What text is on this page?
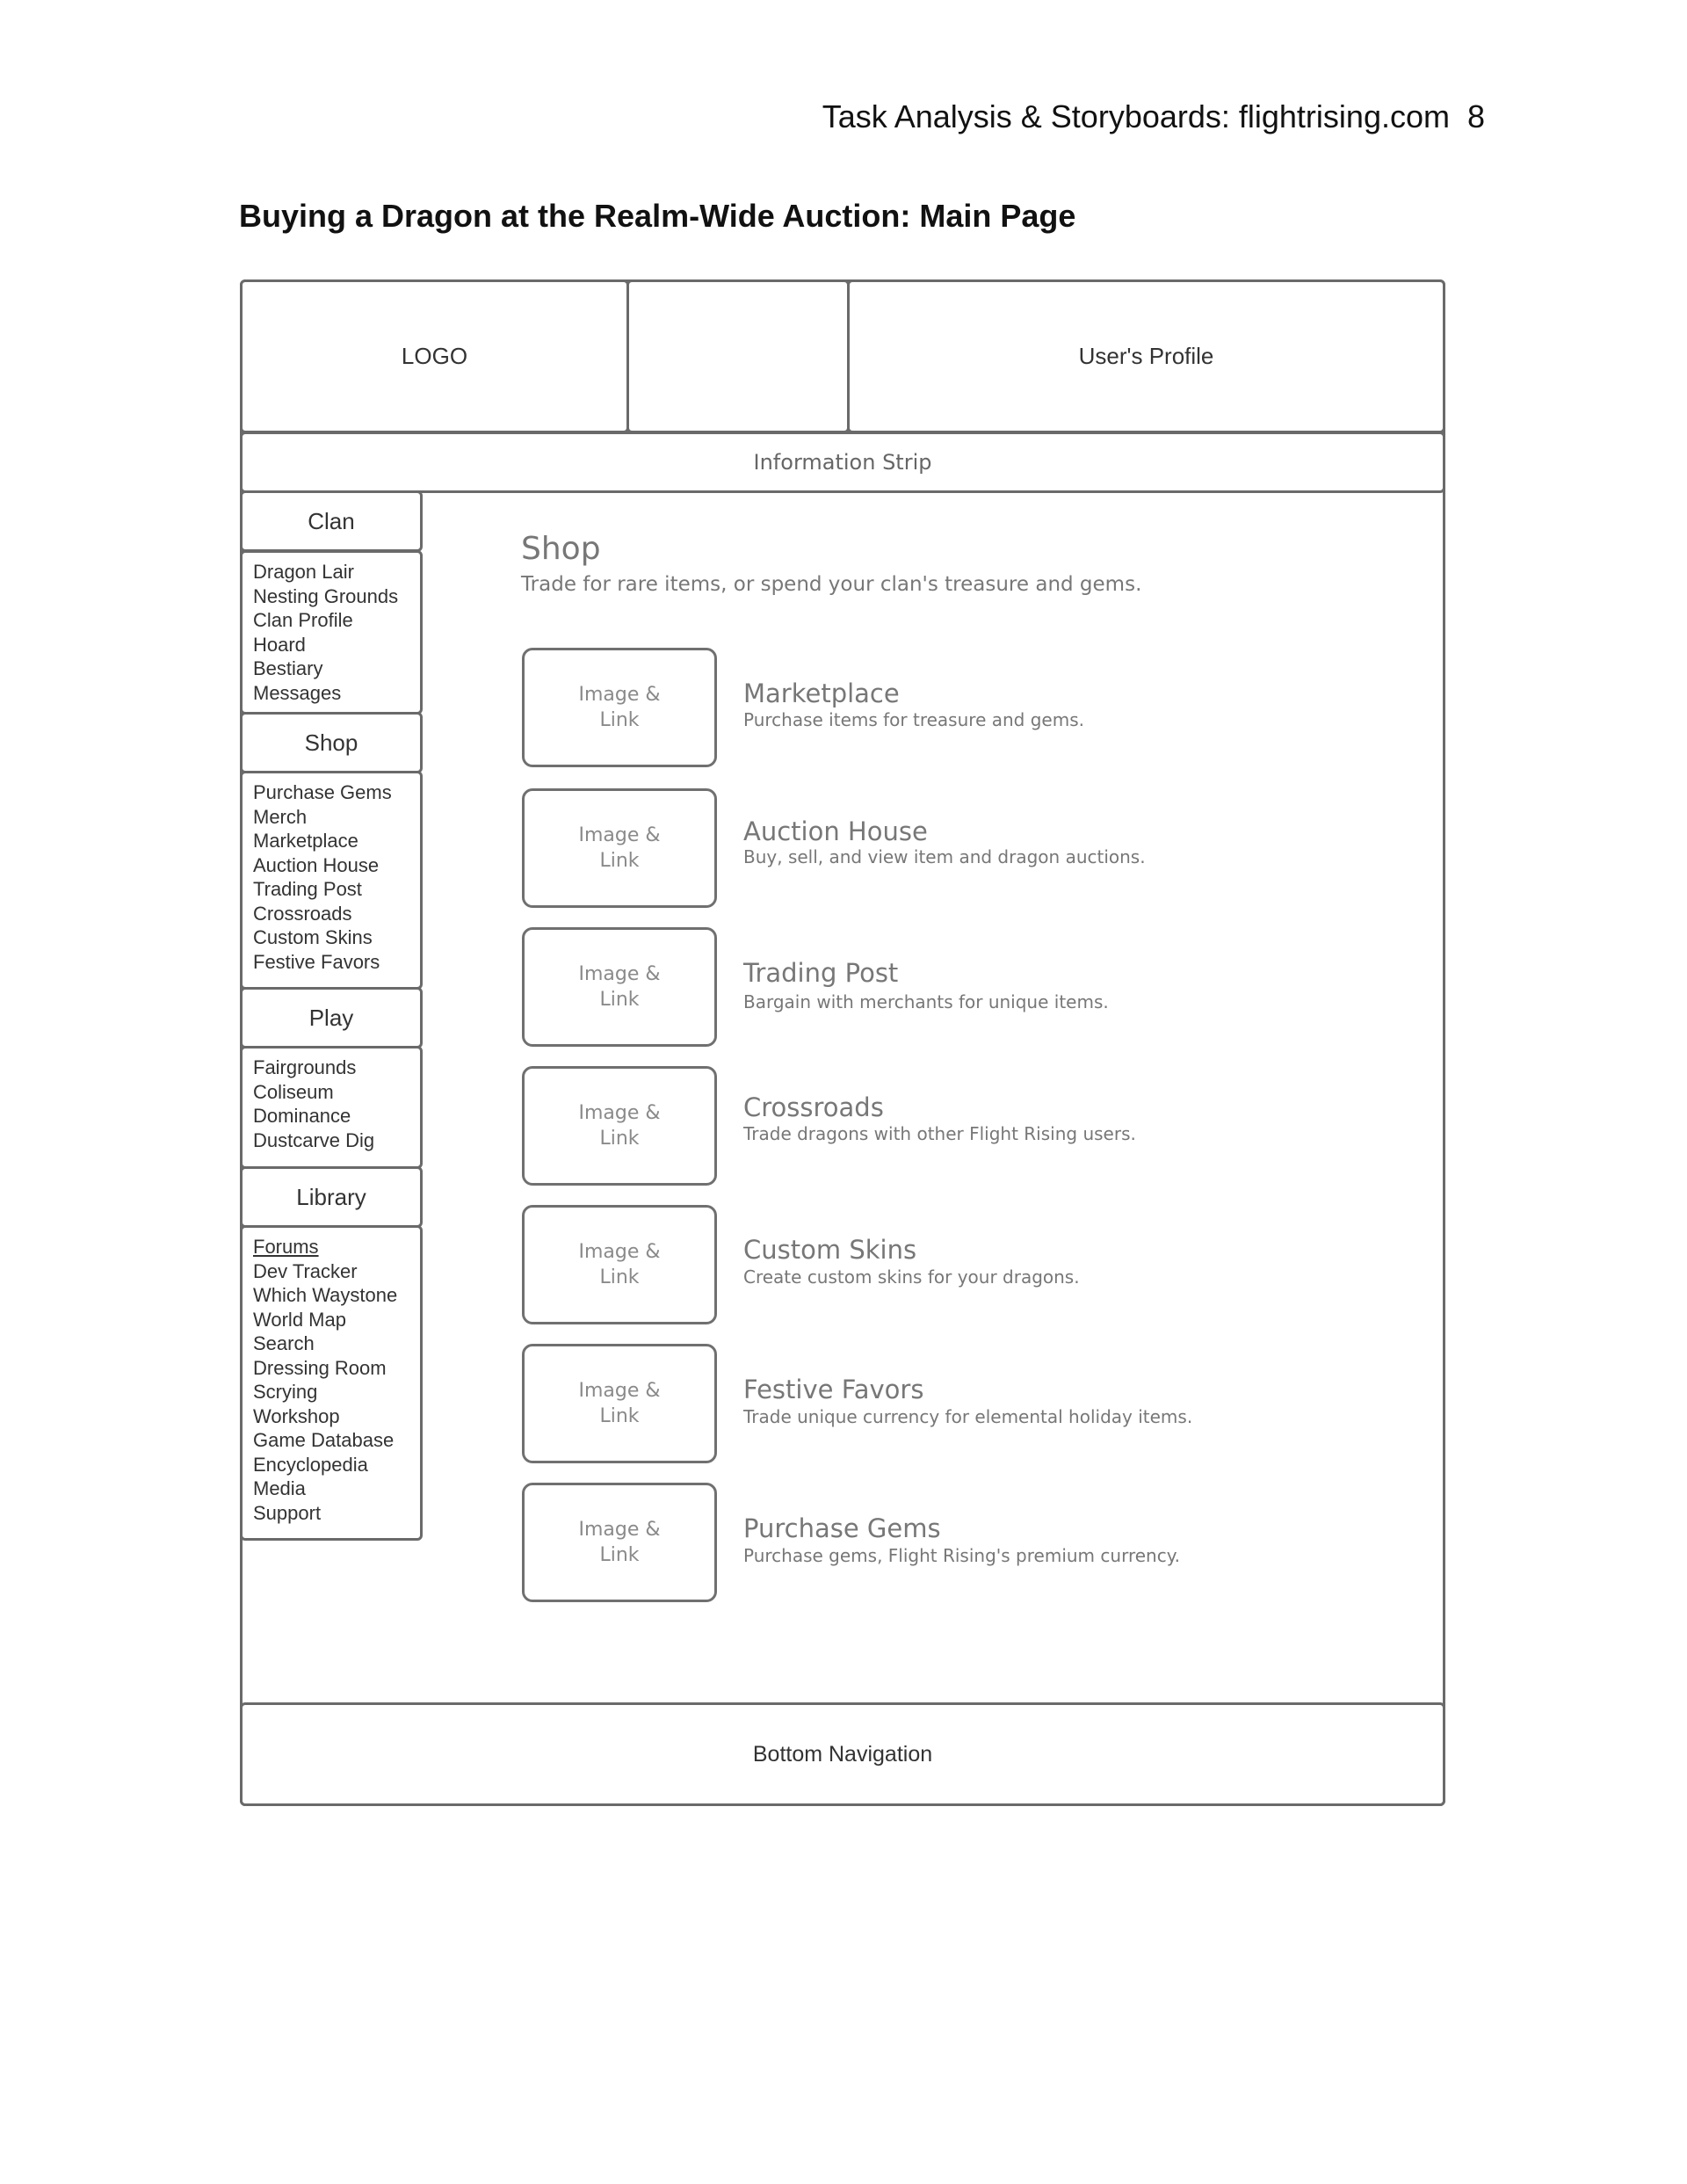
Task Analysis & Storyboards: flightrising.com  8
Buying a Dragon at the Realm-Wide Auction: Main Page
LOGO	User's Profile
Information Strip
Clan
Dragon Lair
Nesting Grounds
Clan Profile
Hoard
Bestiary
Messages
Shop
Purchase Gems
Merch
Marketplace
Auction House
Trading Post
Crossroads
Custom Skins
Festive Favors
Play
Fairgrounds
Coliseum
Dominance
Dustcarve Dig
Library
Forums
Dev Tracker
Which Waystone
World Map
Search
Dressing Room
Scrying
Workshop
Game Database
Encyclopedia
Media
Support
Shop
Trade for rare items, or spend your clan's treasure and gems.
Image &
Link
Marketplace
Purchase items for treasure and gems.
Image &
Link
Auction House
Buy, sell, and view item and dragon auctions.
Image &
Link
Trading Post
Bargain with merchants for unique items.
Image &
Link
Crossroads
Trade dragons with other Flight Rising users.
Image &
Link
Custom Skins
Create custom skins for your dragons.
Image &
Link
Festive Favors
Trade unique currency for elemental holiday items.
Image &
Link
Purchase Gems
Purchase gems, Flight Rising's premium currency.
Bottom Navigation
